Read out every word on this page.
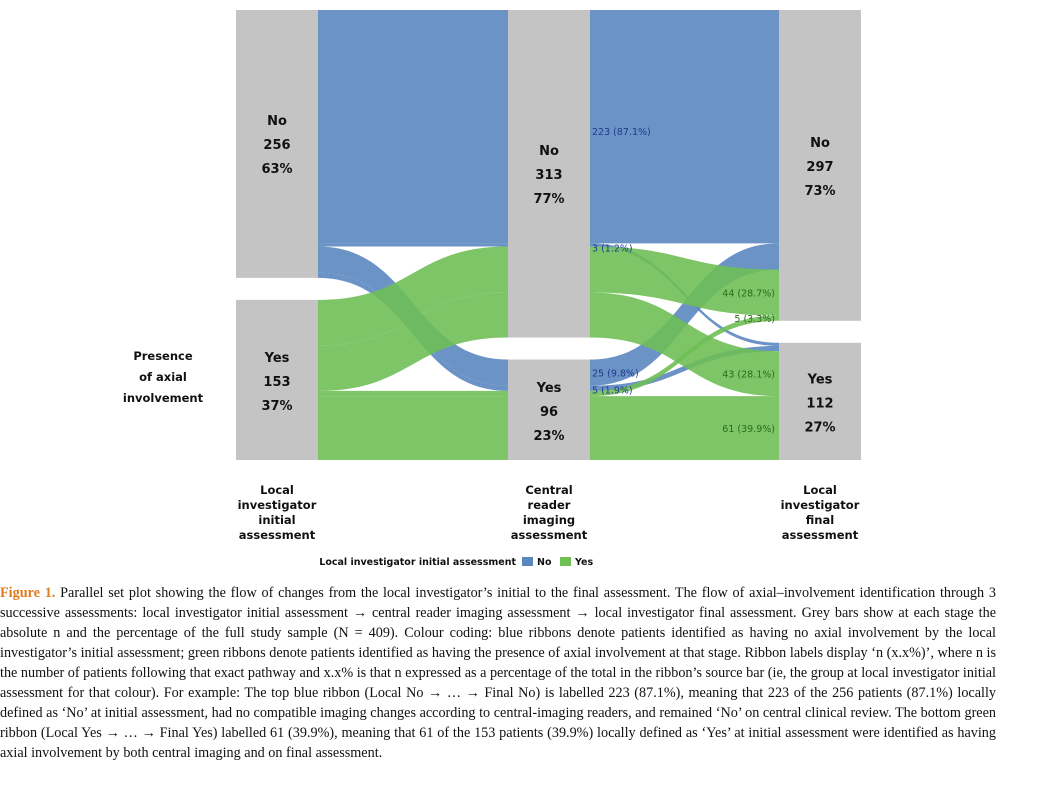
No
256
63%
Yes
153
37%
Local
investigator
initial
assessment
No
313
77%
Yes
96
23%
Central
reader
imaging
assessment
No
297
73%
Yes
112
27%
Local
investigator
final
assessment
Presence
of axial
involvement
223 (87.1%)
3 (1.2%)
25 (9.8%)
5 (1.9%)
44 (28.7%)
43 (28.1%)
5 (3.3%)
61 (39.9%)
Local investigator initial assessment No Yes

Figure 1. Parallel set plot showing the flow of changes from the local investigator’s initial to the final assessment. The flow of axial–involvement identification through 3 successive assessments: local investigator initial assessment → central reader imaging assessment → local investigator final assessment. Grey bars show at each stage the absolute n and the percentage of the full study sample (N = 409). Colour coding: blue ribbons denote patients identified as having no axial involvement by the local investigator’s initial assessment; green ribbons denote patients identified as having the presence of axial involvement at that stage. Ribbon labels display ‘n (x.x%)’, where n is the number of patients following that exact pathway and x.x% is that n expressed as a percentage of the total in the ribbon’s source bar (ie, the group at local investigator initial assessment for that colour). For example: The top blue ribbon (Local No → … → Final No) is labelled 223 (87.1%), meaning that 223 of the 256 patients (87.1%) locally defined as ‘No’ at initial assessment, had no compatible imaging changes according to central-imaging readers, and remained ‘No’ on central clinical review. The bottom green ribbon (Local Yes → … → Final Yes) labelled 61 (39.9%), meaning that 61 of the 153 patients (39.9%) locally defined as ‘Yes’ at initial assessment were identified as having axial involvement by both central imaging and on final assessment.
